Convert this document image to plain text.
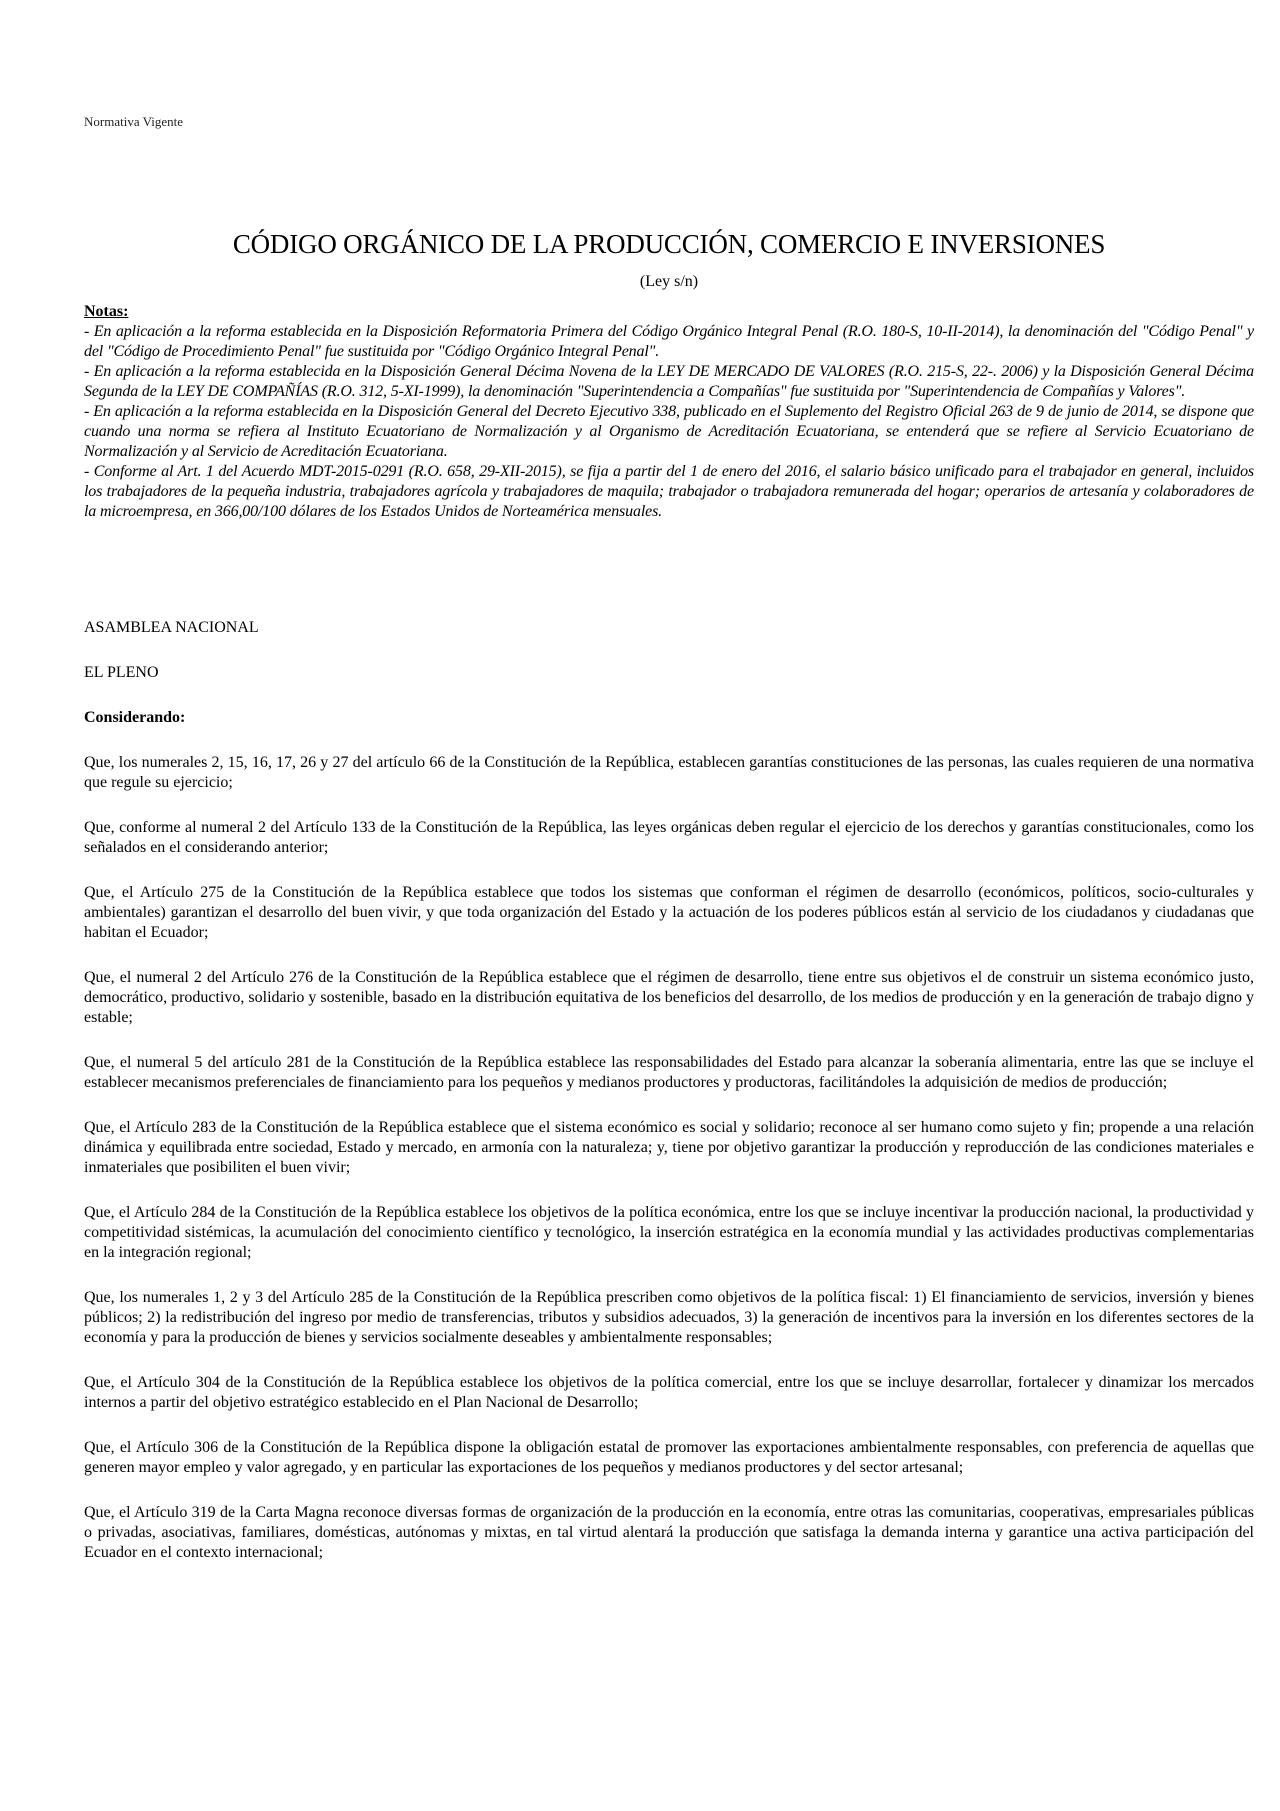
Normativa Vigente
CÓDIGO ORGÁNICO DE LA PRODUCCIÓN, COMERCIO E INVERSIONES
(Ley s/n)
Notas:
- En aplicación a la reforma establecida en la Disposición Reformatoria Primera del Código Orgánico Integral Penal (R.O. 180-S, 10-II-2014), la denominación del "Código Penal" y del "Código de Procedimiento Penal" fue sustituida por "Código Orgánico Integral Penal".
- En aplicación a la reforma establecida en la Disposición General Décima Novena de la LEY DE MERCADO DE VALORES (R.O. 215-S, 22-. 2006) y la Disposición General Décima Segunda de la LEY DE COMPAÑÍAS (R.O. 312, 5-XI-1999), la denominación "Superintendencia a Compañías" fue sustituida por "Superintendencia de Compañías y Valores".
- En aplicación a la reforma establecida en la Disposición General del Decreto Ejecutivo 338, publicado en el Suplemento del Registro Oficial 263 de 9 de junio de 2014, se dispone que cuando una norma se refiera al Instituto Ecuatoriano de Normalización y al Organismo de Acreditación Ecuatoriana, se entenderá que se refiere al Servicio Ecuatoriano de Normalización y al Servicio de Acreditación Ecuatoriana.
- Conforme al Art. 1 del Acuerdo MDT-2015-0291 (R.O. 658, 29-XII-2015), se fija a partir del 1 de enero del 2016, el salario básico unificado para el trabajador en general, incluidos los trabajadores de la pequeña industria, trabajadores agrícola y trabajadores de maquila; trabajador o trabajadora remunerada del hogar; operarios de artesanía y colaboradores de la microempresa, en 366,00/100 dólares de los Estados Unidos de Norteamérica mensuales.

ASAMBLEA NACIONAL

EL PLENO

Considerando:

Que, los numerales 2, 15, 16, 17, 26 y 27 del artículo 66 de la Constitución de la República, establecen garantías constituciones de las personas, las cuales requieren de una normativa que regule su ejercicio;

Que, conforme al numeral 2 del Artículo 133 de la Constitución de la República, las leyes orgánicas deben regular el ejercicio de los derechos y garantías constitucionales, como los señalados en el considerando anterior;

Que, el Artículo 275 de la Constitución de la República establece que todos los sistemas que conforman el régimen de desarrollo (económicos, políticos, socio-culturales y ambientales) garantizan el desarrollo del buen vivir, y que toda organización del Estado y la actuación de los poderes públicos están al servicio de los ciudadanos y ciudadanas que habitan el Ecuador;

Que, el numeral 2 del Artículo 276 de la Constitución de la República establece que el régimen de desarrollo, tiene entre sus objetivos el de construir un sistema económico justo, democrático, productivo, solidario y sostenible, basado en la distribución equitativa de los beneficios del desarrollo, de los medios de producción y en la generación de trabajo digno y estable;

Que, el numeral 5 del artículo 281 de la Constitución de la República establece las responsabilidades del Estado para alcanzar la soberanía alimentaria, entre las que se incluye el establecer mecanismos preferenciales de financiamiento para los pequeños y medianos productores y productoras, facilitándoles la adquisición de medios de producción;

Que, el Artículo 283 de la Constitución de la República establece que el sistema económico es social y solidario; reconoce al ser humano como sujeto y fin; propende a una relación dinámica y equilibrada entre sociedad, Estado y mercado, en armonía con la naturaleza; y, tiene por objetivo garantizar la producción y reproducción de las condiciones materiales e inmateriales que posibiliten el buen vivir;

Que, el Artículo 284 de la Constitución de la República establece los objetivos de la política económica, entre los que se incluye incentivar la producción nacional, la productividad y competitividad sistémicas, la acumulación del conocimiento científico y tecnológico, la inserción estratégica en la economía mundial y las actividades productivas complementarias en la integración regional;

Que, los numerales 1, 2 y 3 del Artículo 285 de la Constitución de la República prescriben como objetivos de la política fiscal: 1) El financiamiento de servicios, inversión y bienes públicos; 2) la redistribución del ingreso por medio de transferencias, tributos y subsidios adecuados, 3) la generación de incentivos para la inversión en los diferentes sectores de la economía y para la producción de bienes y servicios socialmente deseables y ambientalmente responsables;

Que, el Artículo 304 de la Constitución de la República establece los objetivos de la política comercial, entre los que se incluye desarrollar, fortalecer y dinamizar los mercados internos a partir del objetivo estratégico establecido en el Plan Nacional de Desarrollo;

Que, el Artículo 306 de la Constitución de la República dispone la obligación estatal de promover las exportaciones ambientalmente responsables, con preferencia de aquellas que generen mayor empleo y valor agregado, y en particular las exportaciones de los pequeños y medianos productores y del sector artesanal;

Que, el Artículo 319 de la Carta Magna reconoce diversas formas de organización de la producción en la economía, entre otras las comunitarias, cooperativas, empresariales públicas o privadas, asociativas, familiares, domésticas, autónomas y mixtas, en tal virtud alentará la producción que satisfaga la demanda interna y garantice una activa participación del Ecuador en el contexto internacional;
